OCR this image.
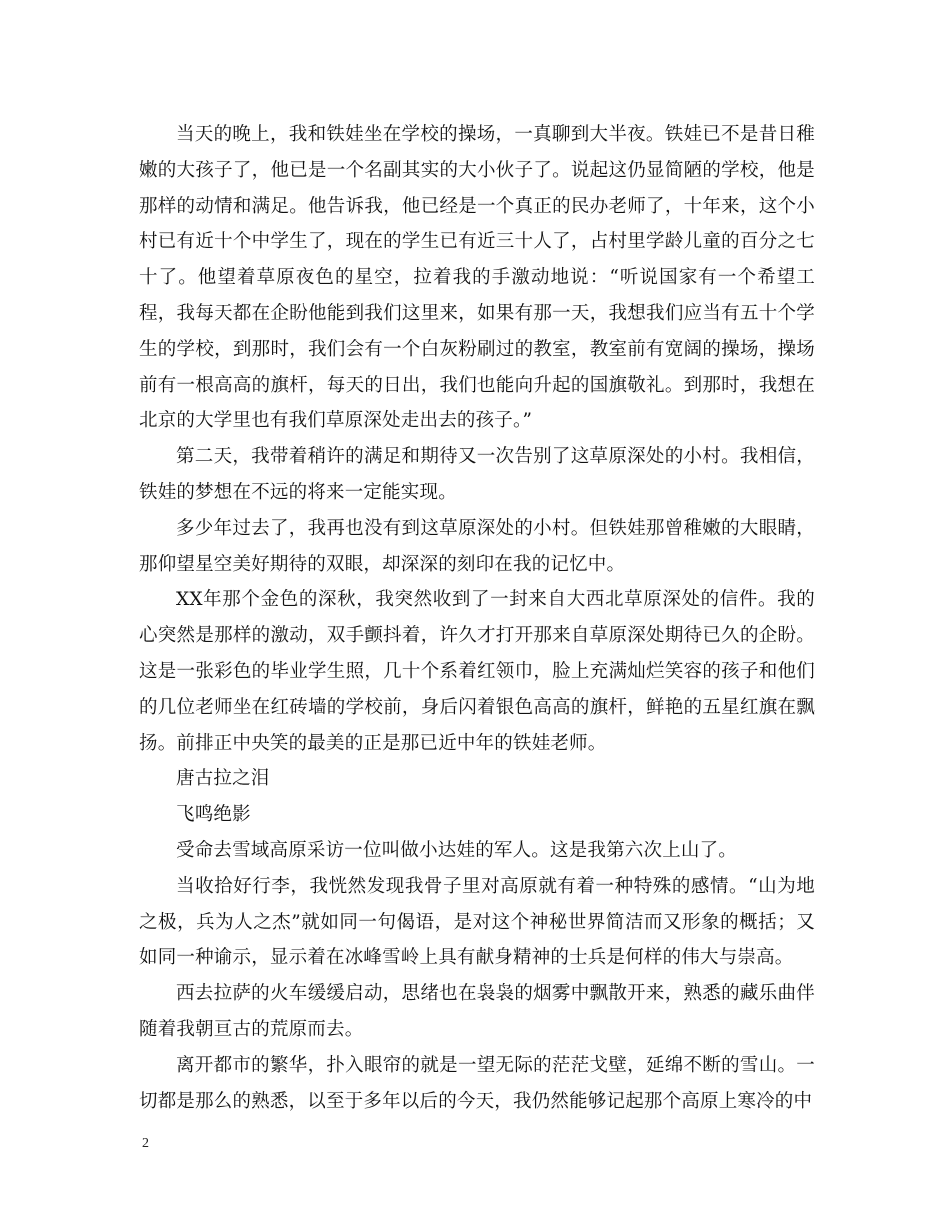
当天的晚上，我和铁娃坐在学校的操场，一真聊到大半夜。铁娃已不是昔日稚嫩的大孩子了，他已是一个名副其实的大小伙子了。说起这仍显简陋的学校，他是那样的动情和满足。他告诉我，他已经是一个真正的民办老师了，十年来，这个小村已有近十个中学生了，现在的学生已有近三十人了，占村里学龄儿童的百分之七十了。他望着草原夜色的星空，拉着我的手激动地说：“听说国家有一个希望工程，我每天都在企盼他能到我们这里来，如果有那一天，我想我们应当有五十个学生的学校，到那时，我们会有一个白灰粉刷过的教室，教室前有宽阔的操场，操场前有一根高高的旗杆，每天的日出，我们也能向升起的国旗敬礼。到那时，我想在北京的大学里也有我们草原深处走出去的孩子。”

第二天，我带着稍许的满足和期待又一次告别了这草原深处的小村。我相信，铁娃的梦想在不远的将来一定能实现。

多少年过去了，我再也没有到这草原深处的小村。但铁娃那曾稚嫩的大眼睛，那仰望星空美好期待的双眼，却深深的刻印在我的记忆中。

XX年那个金色的深秋，我突然收到了一封来自大西北草原深处的信件。我的心突然是那样的激动，双手颤抖着，许久才打开那来自草原深处期待已久的企盼。这是一张彩色的毕业学生照，几十个系着红领巾，脸上充满灿烂笑容的孩子和他们的几位老师坐在红砖墙的学校前，身后闪着银色高高的旗杆，鲜艳的五星红旗在飘扬。前排正中央笑的最美的正是那已近中年的铁娃老师。

唐古拉之泪

飞鸣绝影

受命去雪域高原采访一位叫做小达娃的军人。这是我第六次上山了。

当收拾好行李，我恍然发现我骨子里对高原就有着一种特殊的感情。“山为地之极，兵为人之杰”就如同一句偈语，是对这个神秘世界简洁而又形象的概括；又如同一种谕示，显示着在冰峰雪岭上具有献身精神的士兵是何样的伟大与崇高。

西去拉萨的火车缓缓启动，思绪也在袅袅的烟雾中飘散开来，熟悉的藏乐曲伴随着我朝亘古的荒原而去。

离开都市的繁华，扑入眼帘的就是一望无际的茫茫戈壁，延绵不断的雪山。一切都是那么的熟悉，以至于多年以后的今天，我仍然能够记起那个高原上寒冷的中

2
